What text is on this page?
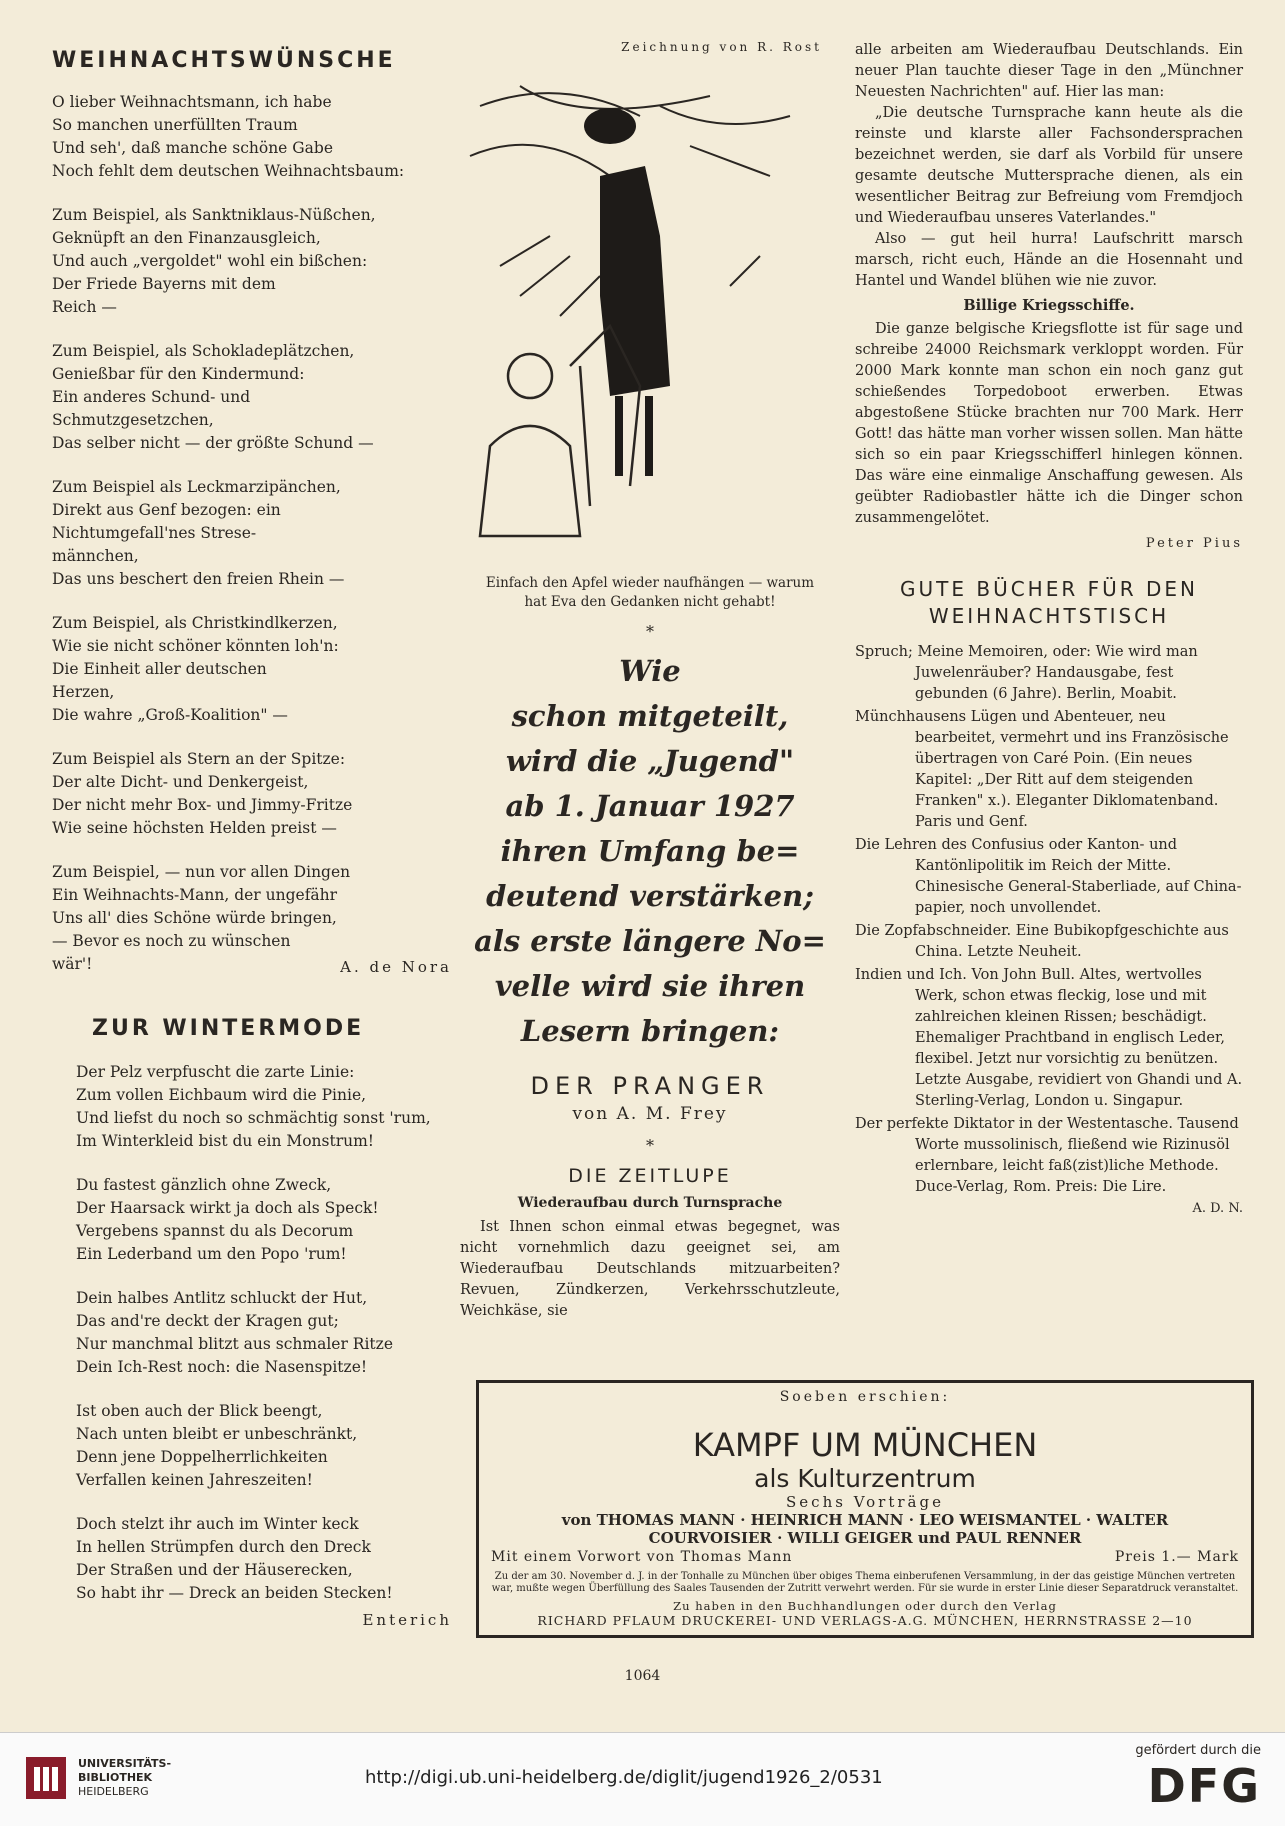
WEIHNACHTSWÜNSCHE

O lieber Weihnachtsmann, ich habe
So manchen unerfüllten Traum
Und seh', daß manche schöne Gabe
Noch fehlt dem deutschen Weihnachtsbaum:

Zum Beispiel, als Sanktniklaus-Nüßchen,
Geknüpft an den Finanzausgleich,
Und auch „vergoldet" wohl ein bißchen:
Der Friede Bayerns mit dem
Reich —

Zum Beispiel, als Schokladeplätzchen,
Genießbar für den Kindermund:
Ein anderes Schund- und
Schmutzgesetzchen,
Das selber nicht — der größte Schund —

Zum Beispiel als Leckmarzipänchen,
Direkt aus Genf bezogen: ein
Nichtumgefall'nes Strese-
männchen,
Das uns beschert den freien Rhein —

Zum Beispiel, als Christkindlkerzen,
Wie sie nicht schöner könnten loh'n:
Die Einheit aller deutschen
Herzen,
Die wahre „Groß-Koalition" —

Zum Beispiel als Stern an der Spitze:
Der alte Dicht- und Denkergeist,
Der nicht mehr Box- und Jimmy-Fritze
Wie seine höchsten Helden preist —

Zum Beispiel, — nun vor allen Dingen
Ein Weihnachts-Mann, der ungefähr
Uns all' dies Schöne würde bringen,
— Bevor es noch zu wünschen
wär'!	A. de Nora

ZUR WINTERMODE

Der Pelz verpfuscht die zarte Linie:
Zum vollen Eichbaum wird die Pinie,
Und liefst du noch so schmächtig sonst 'rum,
Im Winterkleid bist du ein Monstrum!

Du fastest gänzlich ohne Zweck,
Der Haarsack wirkt ja doch als Speck!
Vergebens spannst du als Decorum
Ein Lederband um den Popo 'rum!

Dein halbes Antlitz schluckt der Hut,
Das and're deckt der Kragen gut;
Nur manchmal blitzt aus schmaler Ritze
Dein Ich-Rest noch: die Nasenspitze!

Ist oben auch der Blick beengt,
Nach unten bleibt er unbeschränkt,
Denn jene Doppelherrlichkeiten
Verfallen keinen Jahreszeiten!

Doch stelzt ihr auch im Winter keck
In hellen Strümpfen durch den Dreck
Der Straßen und der Häuserecken,
So habt ihr — Dreck an beiden Stecken!

Enterich

Zeichnung von R. Rost

Einfach den Apfel wieder naufhängen — warum
hat Eva den Gedanken nicht gehabt!

*

Wie
schon mitgeteilt,
wird die „Jugend"
ab 1. Januar 1927
ihren Umfang be=
deutend verstärken;
als erste längere No=
velle wird sie ihren
Lesern bringen:

DER PRANGER

von A. M. Frey

*

DIE ZEITLUPE

Wiederaufbau durch Turnsprache

Ist Ihnen schon einmal etwas begegnet, was nicht vornehmlich dazu geeignet sei, am Wiederaufbau Deutschlands mitzuarbeiten? Revuen, Zündkerzen, Verkehrsschutzleute, Weichkäse, sie

alle arbeiten am Wiederaufbau Deutschlands. Ein neuer Plan tauchte dieser Tage in den „Münchner Neuesten Nachrichten" auf. Hier las man:

„Die deutsche Turnsprache kann heute als die reinste und klarste aller Fachsondersprachen bezeichnet werden, sie darf als Vorbild für unsere gesamte deutsche Muttersprache dienen, als ein wesentlicher Beitrag zur Befreiung vom Fremdjoch und Wiederaufbau unseres Vaterlandes."

Also — gut heil hurra! Laufschritt marsch marsch, richt euch, Hände an die Hosennaht und Hantel und Wandel blühen wie nie zuvor.

Billige Kriegsschiffe.

Die ganze belgische Kriegsflotte ist für sage und schreibe 24000 Reichsmark verkloppt worden. Für 2000 Mark konnte man schon ein noch ganz gut schießendes Torpedoboot erwerben. Etwas abgestoßene Stücke brachten nur 700 Mark. Herr Gott! das hätte man vorher wissen sollen. Man hätte sich so ein paar Kriegsschifferl hinlegen können. Das wäre eine einmalige Anschaffung gewesen. Als geübter Radiobastler hätte ich die Dinger schon zusammengelötet.

Peter Pius

GUTE BÜCHER FÜR DEN
WEIHNACHTSTISCH

Spruch; Meine Memoiren, oder: Wie wird man Juwelenräuber? Handausgabe, fest gebunden (6 Jahre). Berlin, Moabit.

Münchhausens Lügen und Abenteuer, neu bearbeitet, vermehrt und ins Französische übertragen von Caré Poin. (Ein neues Kapitel: „Der Ritt auf dem steigenden Franken" x.). Eleganter Diklomatenband. Paris und Genf.

Die Lehren des Confusius oder Kanton- und Kantönlipolitik im Reich der Mitte. Chinesische General-Staberliade, auf China-papier, noch unvollendet.

Die Zopfabschneider. Eine Bubikopfgeschichte aus China. Letzte Neuheit.

Indien und Ich. Von John Bull. Altes, wertvolles Werk, schon etwas fleckig, lose und mit zahlreichen kleinen Rissen; beschädigt. Ehemaliger Prachtband in englisch Leder, flexibel. Jetzt nur vorsichtig zu benützen. Letzte Ausgabe, revidiert von Ghandi und A. Sterling-Verlag, London u. Singapur.

Der perfekte Diktator in der Westentasche. Tausend Worte mussolinisch, fließend wie Rizinusöl erlernbare, leicht faß(zist)liche Methode. Duce-Verlag, Rom. Preis: Die Lire.

A. D. N.

Soeben erschien:

KAMPF UM MÜNCHEN
als Kulturzentrum

Sechs Vorträge

von THOMAS MANN · HEINRICH MANN · LEO WEISMANTEL · WALTER

COURVOISIER · WILLI GEIGER und PAUL RENNER

Mit einem Vorwort von Thomas Mann	Preis 1.— Mark

Zu der am 30. November d. J. in der Tonhalle zu München über obiges Thema einberufenen Versammlung, in der das geistige München vertreten war, mußte wegen Überfüllung des Saales Tausenden der Zutritt verwehrt werden. Für sie wurde in erster Linie dieser Separatdruck veranstaltet.

Zu haben in den Buchhandlungen oder durch den Verlag

RICHARD PFLAUM DRUCKEREI- UND VERLAGS-A.G. MÜNCHEN, HERRNSTRASSE 2—10

1064

UNIVERSITÄTS-
BIBLIOTHEK
HEIDELBERG
http://digi.ub.uni-heidelberg.de/diglit/jugend1926_2/0531
gefördert durch die
DFG
